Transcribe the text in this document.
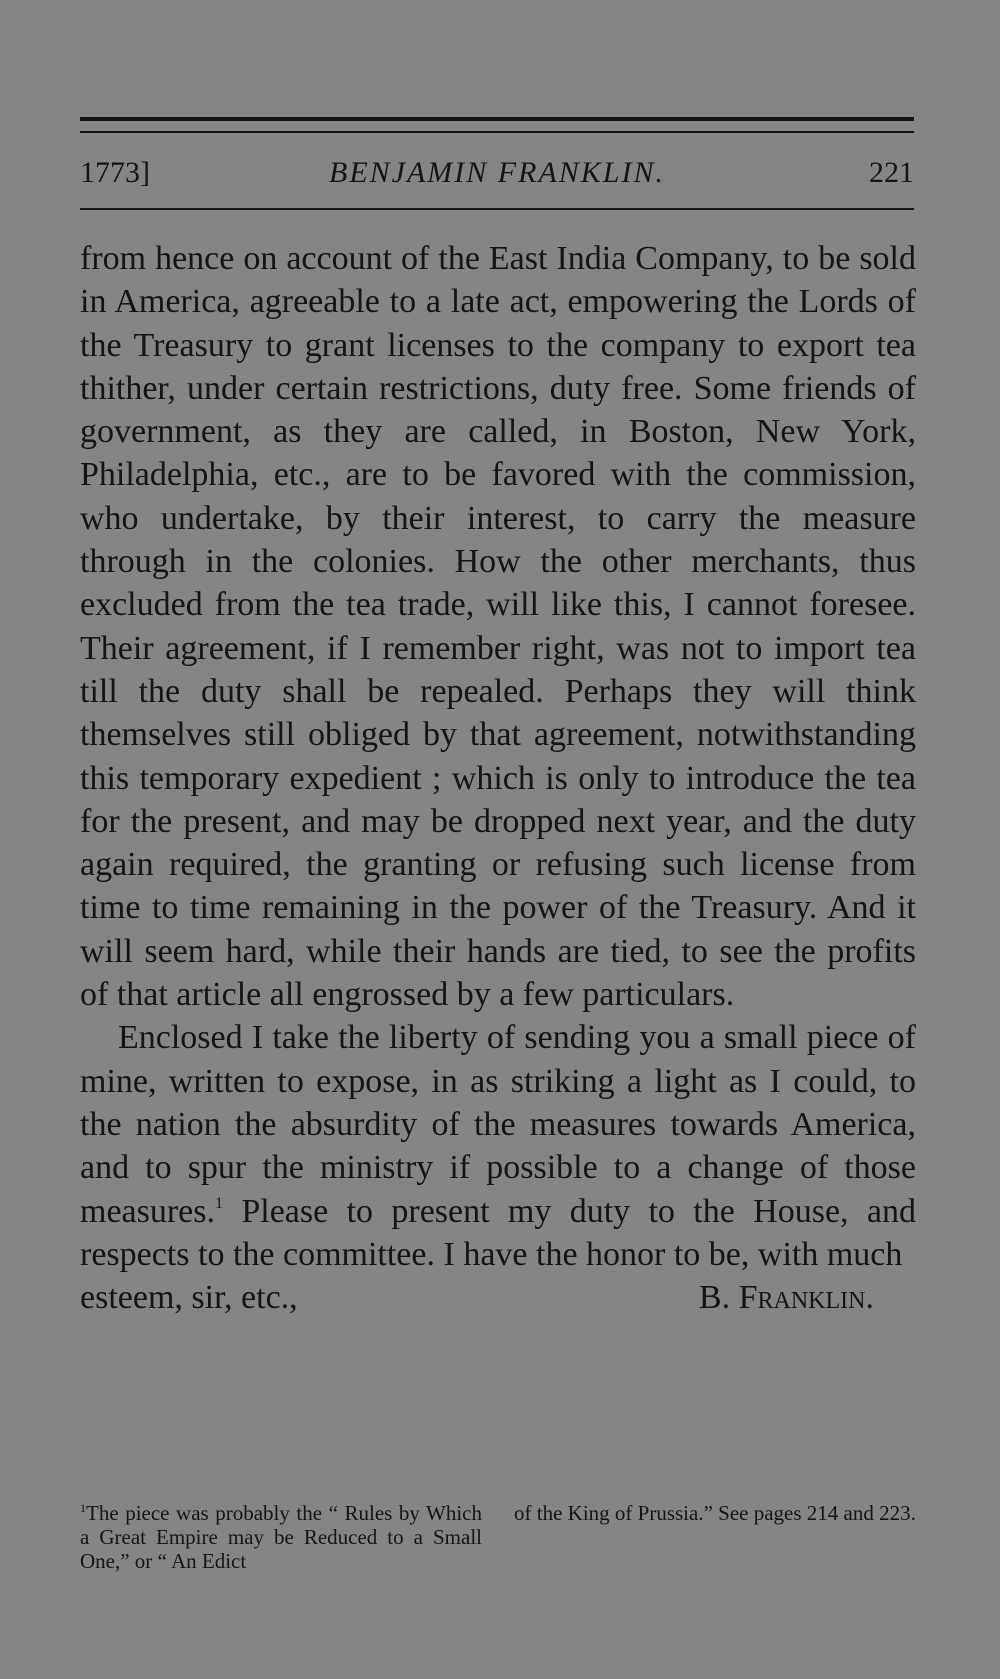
1773]	BENJAMIN FRANKLIN.	221

from hence on account of the East India Company, to be sold in America, agreeable to a late act, empowering the Lords of the Treasury to grant licenses to the company to export tea thither, under certain restrictions, duty free. Some friends of government, as they are called, in Boston, New York, Philadelphia, etc., are to be favored with the commission, who undertake, by their interest, to carry the measure through in the colonies. How the other merchants, thus excluded from the tea trade, will like this, I cannot foresee. Their agreement, if I remember right, was not to import tea till the duty shall be repealed. Perhaps they will think themselves still obliged by that agreement, notwithstanding this temporary expedient ; which is only to introduce the tea for the present, and may be dropped next year, and the duty again required, the granting or refusing such license from time to time remaining in the power of the Treasury. And it will seem hard, while their hands are tied, to see the profits of that article all engrossed by a few particulars.

Enclosed I take the liberty of sending you a small piece of mine, written to expose, in as striking a light as I could, to the nation the absurdity of the measures towards America, and to spur the ministry if possible to a change of those measures.$^1$ Please to present my duty to the House, and respects to the committee. I have the honor to be, with much

esteem, sir, etc.,	B. Franklin.
$^1$The piece was probably the “ Rules by Which a Great Empire may be Reduced to a Small One,” or “ An Edict
of the King of Prussia.” See pages 214 and 223.
